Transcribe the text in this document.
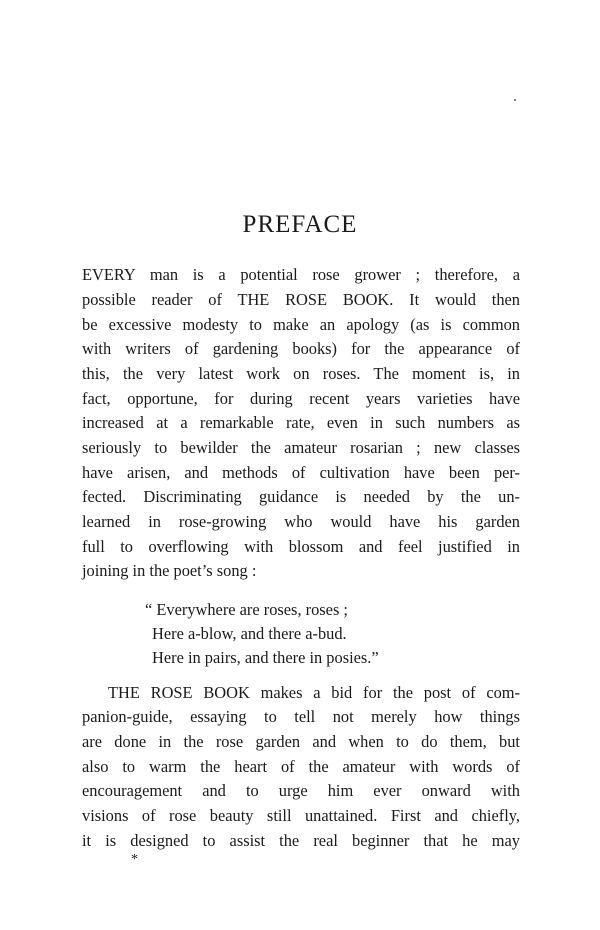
PREFACE
EVERY man is a potential rose grower ; therefore, a
possible reader of THE ROSE BOOK. It would then
be excessive modesty to make an apology (as is common
with writers of gardening books) for the appearance of
this, the very latest work on roses. The moment is, in
fact, opportune, for during recent years varieties have
increased at a remarkable rate, even in such numbers as
seriously to bewilder the amateur rosarian ; new classes
have arisen, and methods of cultivation have been per-
fected. Discriminating guidance is needed by the un-
learned in rose-growing who would have his garden
full to overflowing with blossom and feel justified in
joining in the poet’s song :
“ Everywhere are roses, roses ;
Here a-blow, and there a-bud.
Here in pairs, and there in posies.”
THE ROSE BOOK makes a bid for the post of com-
panion-guide, essaying to tell not merely how things
are done in the rose garden and when to do them, but
also to warm the heart of the amateur with words of
encouragement and to urge him ever onward with
visions of rose beauty still unattained. First and chiefly,
it is designed to assist the real beginner that he may
*
